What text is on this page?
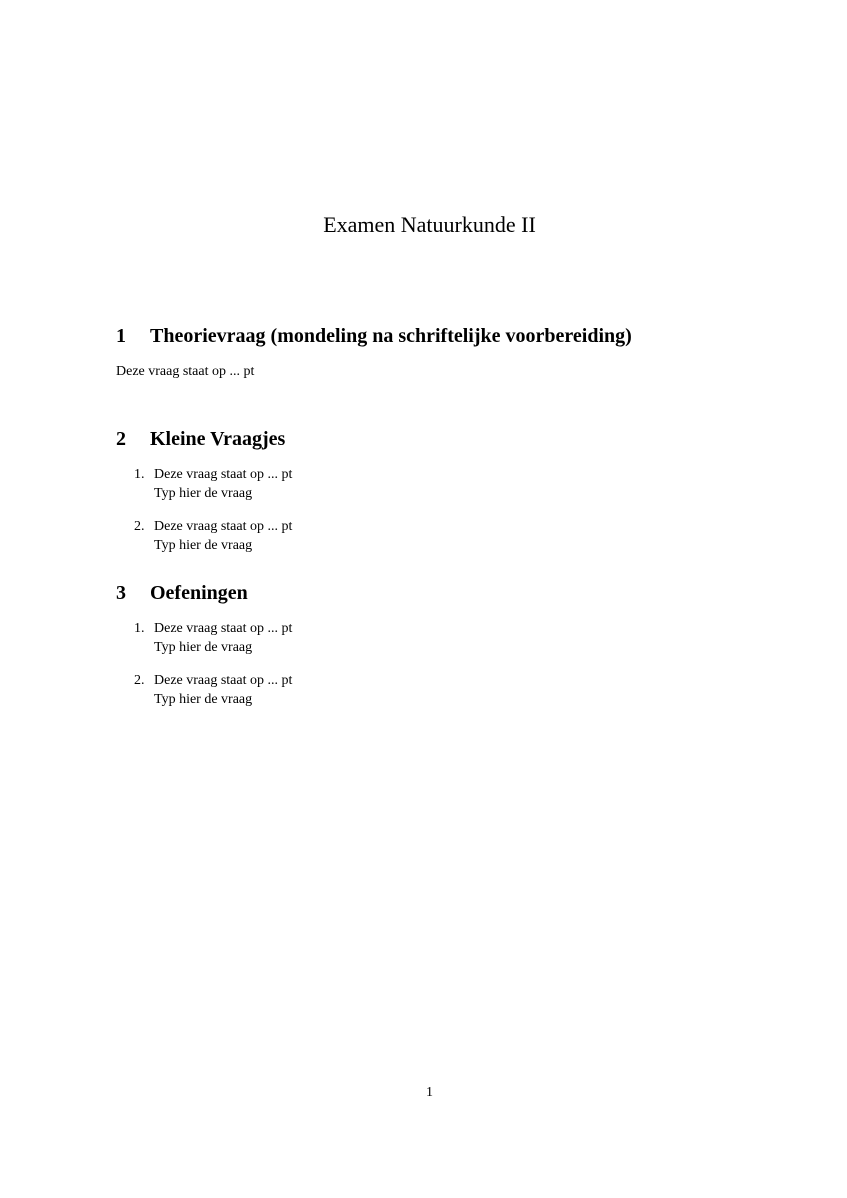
Examen Natuurkunde II
1 Theorievraag (mondeling na schriftelijke voorbereiding)
Deze vraag staat op ... pt
2 Kleine Vraagjes
1. Deze vraag staat op ... pt
Typ hier de vraag
2. Deze vraag staat op ... pt
Typ hier de vraag
3 Oefeningen
1. Deze vraag staat op ... pt
Typ hier de vraag
2. Deze vraag staat op ... pt
Typ hier de vraag
1
